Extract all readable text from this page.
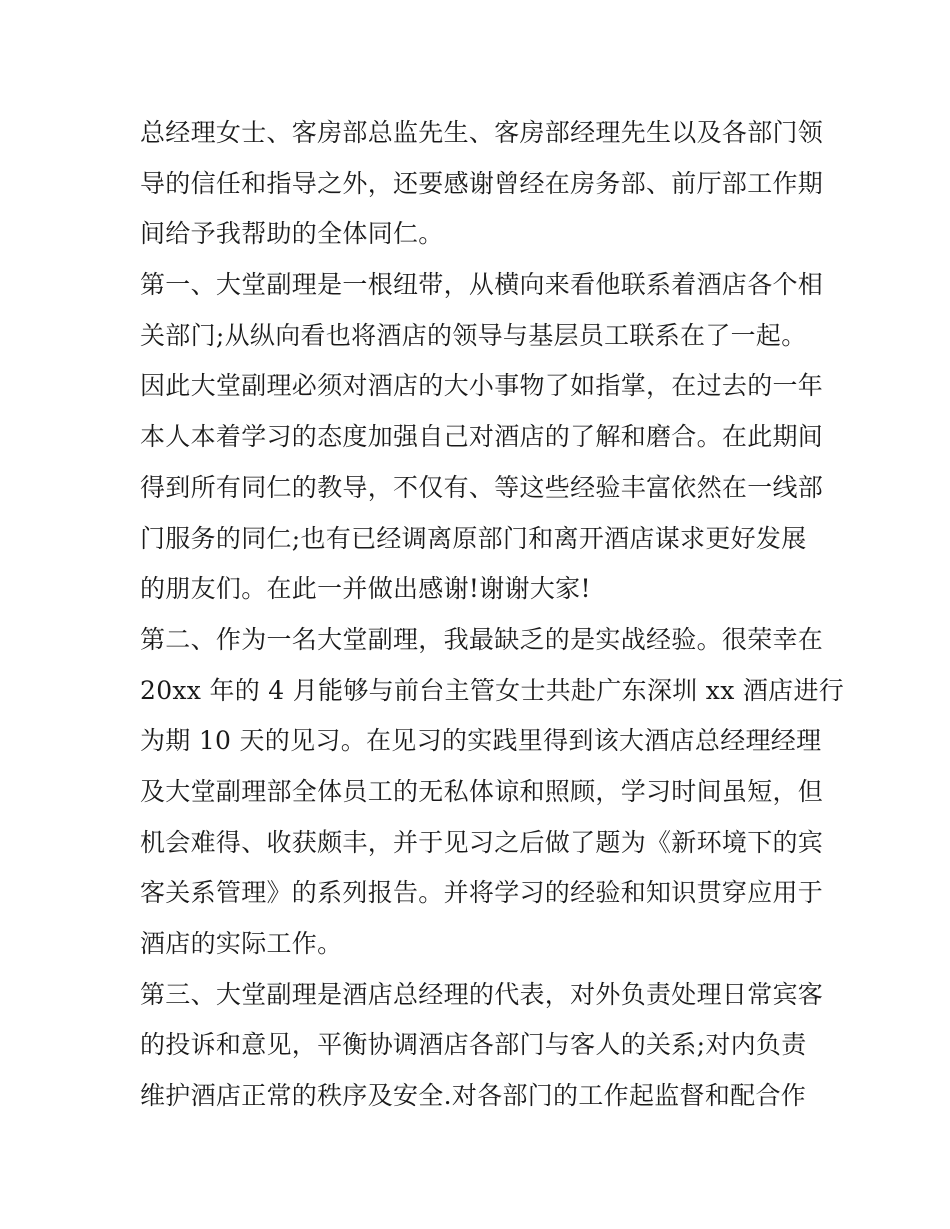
总经理女士、客房部总监先生、客房部经理先生以及各部门领
导的信任和指导之外，还要感谢曾经在房务部、前厅部工作期
间给予我帮助的全体同仁。
第一、大堂副理是一根纽带，从横向来看他联系着酒店各个相
关部门;从纵向看也将酒店的领导与基层员工联系在了一起。
因此大堂副理必须对酒店的大小事物了如指掌，在过去的一年
本人本着学习的态度加强自己对酒店的了解和磨合。在此期间
得到所有同仁的教导，不仅有、等这些经验丰富依然在一线部
门服务的同仁;也有已经调离原部门和离开酒店谋求更好发展
的朋友们。在此一并做出感谢!谢谢大家!
第二、作为一名大堂副理，我最缺乏的是实战经验。很荣幸在
20xx 年的 4 月能够与前台主管女士共赴广东深圳 xx 酒店进行
为期 10 天的见习。在见习的实践里得到该大酒店总经理经理
及大堂副理部全体员工的无私体谅和照顾，学习时间虽短，但
机会难得、收获颇丰，并于见习之后做了题为《新环境下的宾
客关系管理》的系列报告。并将学习的经验和知识贯穿应用于
酒店的实际工作。
第三、大堂副理是酒店总经理的代表，对外负责处理日常宾客
的投诉和意见，平衡协调酒店各部门与客人的关系;对内负责
维护酒店正常的秩序及安全.对各部门的工作起监督和配合作
